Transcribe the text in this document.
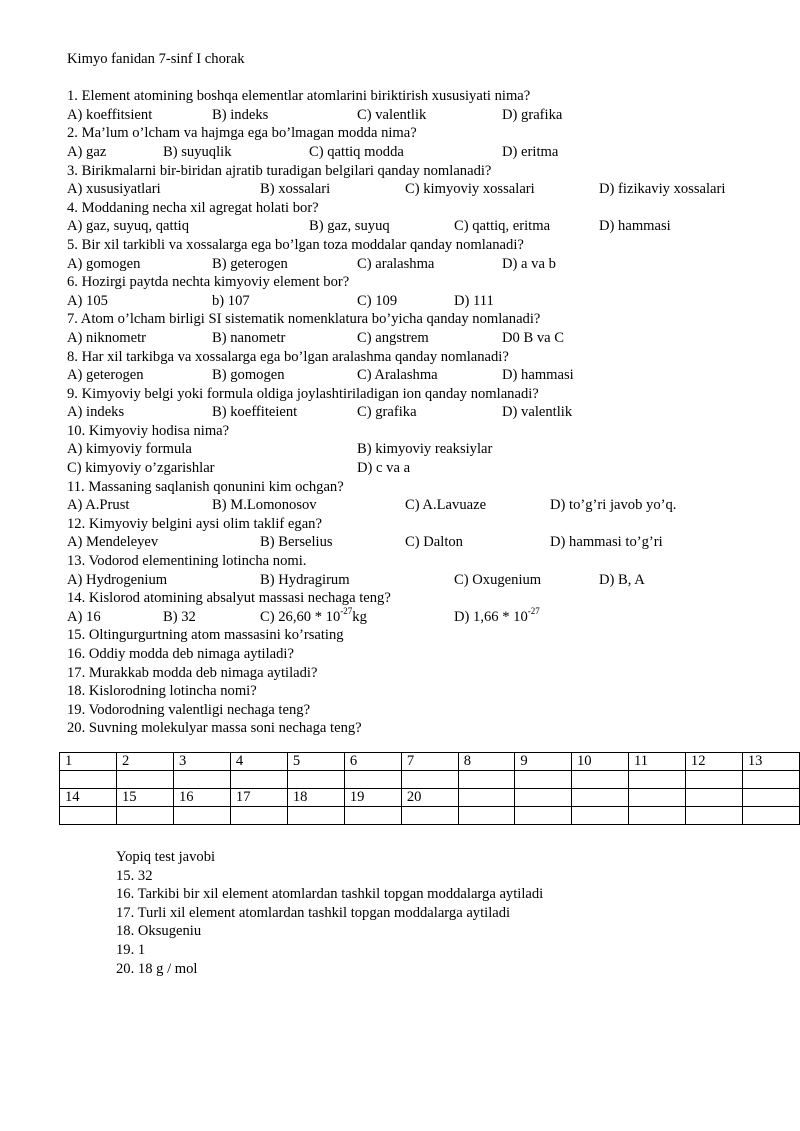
Kimyo fanidan 7-sinf I chorak
1. Element atomining boshqa elementlar atomlarini biriktirish xususiyati nima?
A) koeffitsient	B) indeks	C) valentlik	D) grafika
2. Ma’lum o’lcham va hajmga ega bo’lmagan modda nima?
A) gaz	B) suyuqlik	C) qattiq modda	D) eritma
3. Birikmalarni bir-biridan ajratib turadigan belgilari qanday nomlanadi?
A) xususiyatlari	B) xossalari	C) kimyoviy xossalari	D) fizikaviy xossalari
4. Moddaning necha xil agregat holati bor?
A) gaz, suyuq, qattiq	B) gaz, suyuq	C) qattiq, eritma	D) hammasi
5. Bir xil tarkibli va xossalarga ega bo’lgan toza moddalar qanday nomlanadi?
A) gomogen	B) geterogen	C) aralashma	D) a va b
6. Hozirgi paytda nechta kimyoviy element bor?
A) 105	b) 107	C) 109	D) 111
7. Atom o’lcham birligi SI sistematik nomenklatura bo’yicha qanday nomlanadi?
A) niknometr	B) nanometr	C) angstrem	D0 B va C
8. Har xil tarkibga va xossalarga ega bo’lgan aralashma qanday nomlanadi?
A) geterogen	B) gomogen	C) Aralashma	D) hammasi
9. Kimyoviy belgi yoki formula oldiga joylashtiriladigan ion qanday nomlanadi?
A) indeks	B) koeffiteient	C) grafika	D) valentlik
10. Kimyoviy hodisa nima?
A) kimyoviy formula	B) kimyoviy reaksiylar
C) kimyoviy o’zgarishlar	D) c va a
11. Massaning saqlanish qonunini kim ochgan?
A) A.Prust	B) M.Lomonosov	C) A.Lavuaze	D) to’g’ri javob yo’q.
12. Kimyoviy belgini aysi olim taklif egan?
A) Mendeleyev	B) Berselius	C) Dalton	D) hammasi to’g’ri
13. Vodorod elementining lotincha nomi.
A) Hydrogenium	B) Hydragirum	C) Oxugenium	D) B, A
14. Kislorod atomining absalyut massasi nechaga teng?
A) 16	B) 32	C) $26,60 * 10^{-27}kg$	D) $1,66 * 10^{-27}$
15. Oltingurgurtning atom massasini ko’rsating
16. Oddiy modda deb nimaga aytiladi?
17. Murakkab modda deb nimaga aytiladi?
18. Kislorodning lotincha nomi?
19. Vodorodning valentligi nechaga teng?
20. Suvning molekulyar massa soni nechaga teng?
1	2	3	4	5	6	7	8	9	10	11	12	13

14	15	16	17	18	19	20						

Yopiq test javobi
15. 32
16. Tarkibi bir xil element atomlardan tashkil topgan moddalarga aytiladi
17. Turli xil element atomlardan tashkil topgan moddalarga aytiladi
18. Oksugeniu
19. 1
20. 18 g / mol
